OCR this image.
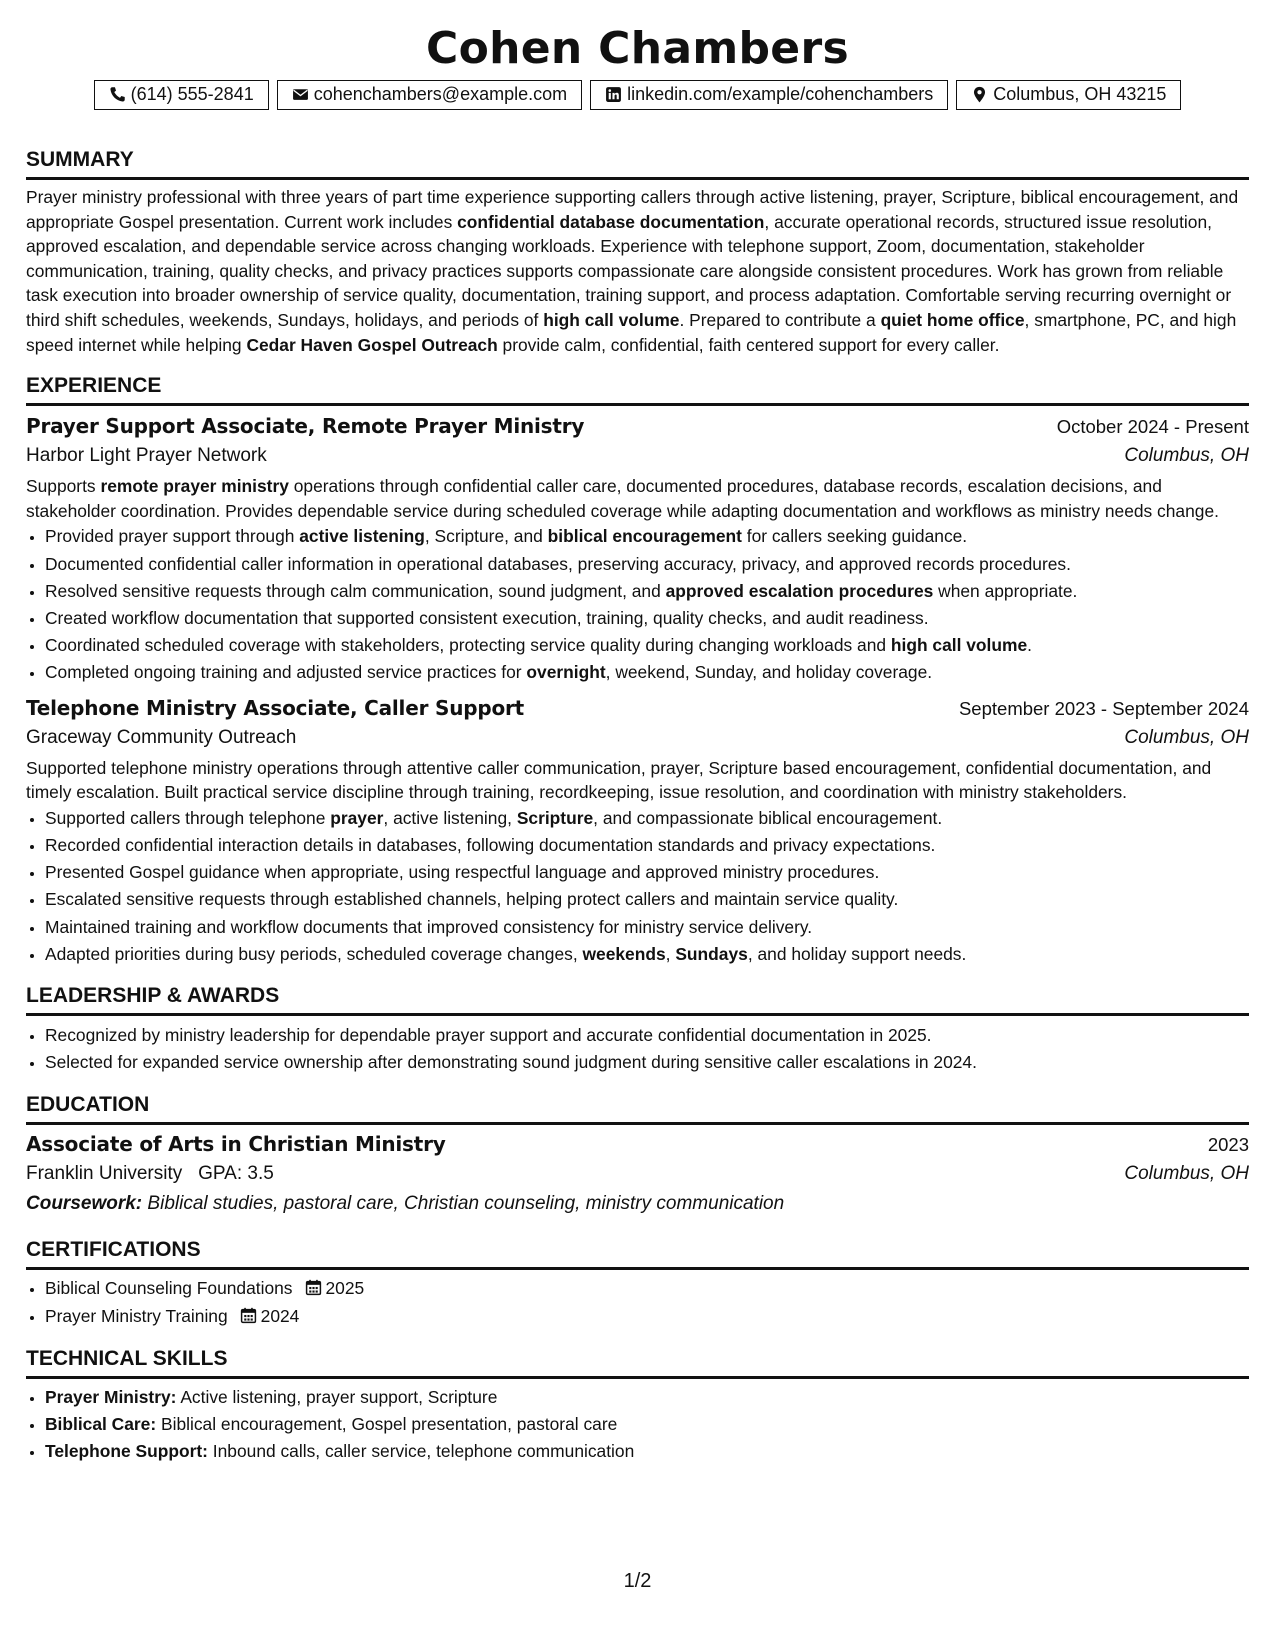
Cohen Chambers
(614) 555-2841	cohenchambers@example.com	linkedin.com/example/cohenchambers	Columbus, OH 43215
SUMMARY

Prayer ministry professional with three years of part time experience supporting callers through active listening, prayer, Scripture, biblical encouragement, and appropriate Gospel presentation. Current work includes confidential database documentation, accurate operational records, structured issue resolution, approved escalation, and dependable service across changing workloads. Experience with telephone support, Zoom, documentation, stakeholder communication, training, quality checks, and privacy practices supports compassionate care alongside consistent procedures. Work has grown from reliable task execution into broader ownership of service quality, documentation, training support, and process adaptation. Comfortable serving recurring overnight or third shift schedules, weekends, Sundays, holidays, and periods of high call volume. Prepared to contribute a quiet home office, smartphone, PC, and high speed internet while helping Cedar Haven Gospel Outreach provide calm, confidential, faith centered support for every caller.

EXPERIENCE
Prayer Support Associate, Remote Prayer Ministry	October 2024 - Present
Harbor Light Prayer Network	Columbus, OH

Supports remote prayer ministry operations through confidential caller care, documented procedures, database records, escalation decisions, and stakeholder coordination. Provides dependable service during scheduled coverage while adapting documentation and workflows as ministry needs change.

• Provided prayer support through active listening, Scripture, and biblical encouragement for callers seeking guidance.
• Documented confidential caller information in operational databases, preserving accuracy, privacy, and approved records procedures.
• Resolved sensitive requests through calm communication, sound judgment, and approved escalation procedures when appropriate.
• Created workflow documentation that supported consistent execution, training, quality checks, and audit readiness.
• Coordinated scheduled coverage with stakeholders, protecting service quality during changing workloads and high call volume.
• Completed ongoing training and adjusted service practices for overnight, weekend, Sunday, and holiday coverage.
Telephone Ministry Associate, Caller Support	September 2023 - September 2024
Graceway Community Outreach	Columbus, OH

Supported telephone ministry operations through attentive caller communication, prayer, Scripture based encouragement, confidential documentation, and timely escalation. Built practical service discipline through training, recordkeeping, issue resolution, and coordination with ministry stakeholders.

• Supported callers through telephone prayer, active listening, Scripture, and compassionate biblical encouragement.
• Recorded confidential interaction details in databases, following documentation standards and privacy expectations.
• Presented Gospel guidance when appropriate, using respectful language and approved ministry procedures.
• Escalated sensitive requests through established channels, helping protect callers and maintain service quality.
• Maintained training and workflow documents that improved consistency for ministry service delivery.
• Adapted priorities during busy periods, scheduled coverage changes, weekends, Sundays, and holiday support needs.
LEADERSHIP & AWARDS
• Recognized by ministry leadership for dependable prayer support and accurate confidential documentation in 2025.
• Selected for expanded service ownership after demonstrating sound judgment during sensitive caller escalations in 2024.
EDUCATION
Associate of Arts in Christian Ministry	2023
Franklin University GPA: 3.5	Columbus, OH
Coursework: Biblical studies, pastoral care, Christian counseling, ministry communication
CERTIFICATIONS
• Biblical Counseling Foundations 2025
• Prayer Ministry Training 2024
TECHNICAL SKILLS
• Prayer Ministry: Active listening, prayer support, Scripture
• Biblical Care: Biblical encouragement, Gospel presentation, pastoral care
• Telephone Support: Inbound calls, caller service, telephone communication
1/2
